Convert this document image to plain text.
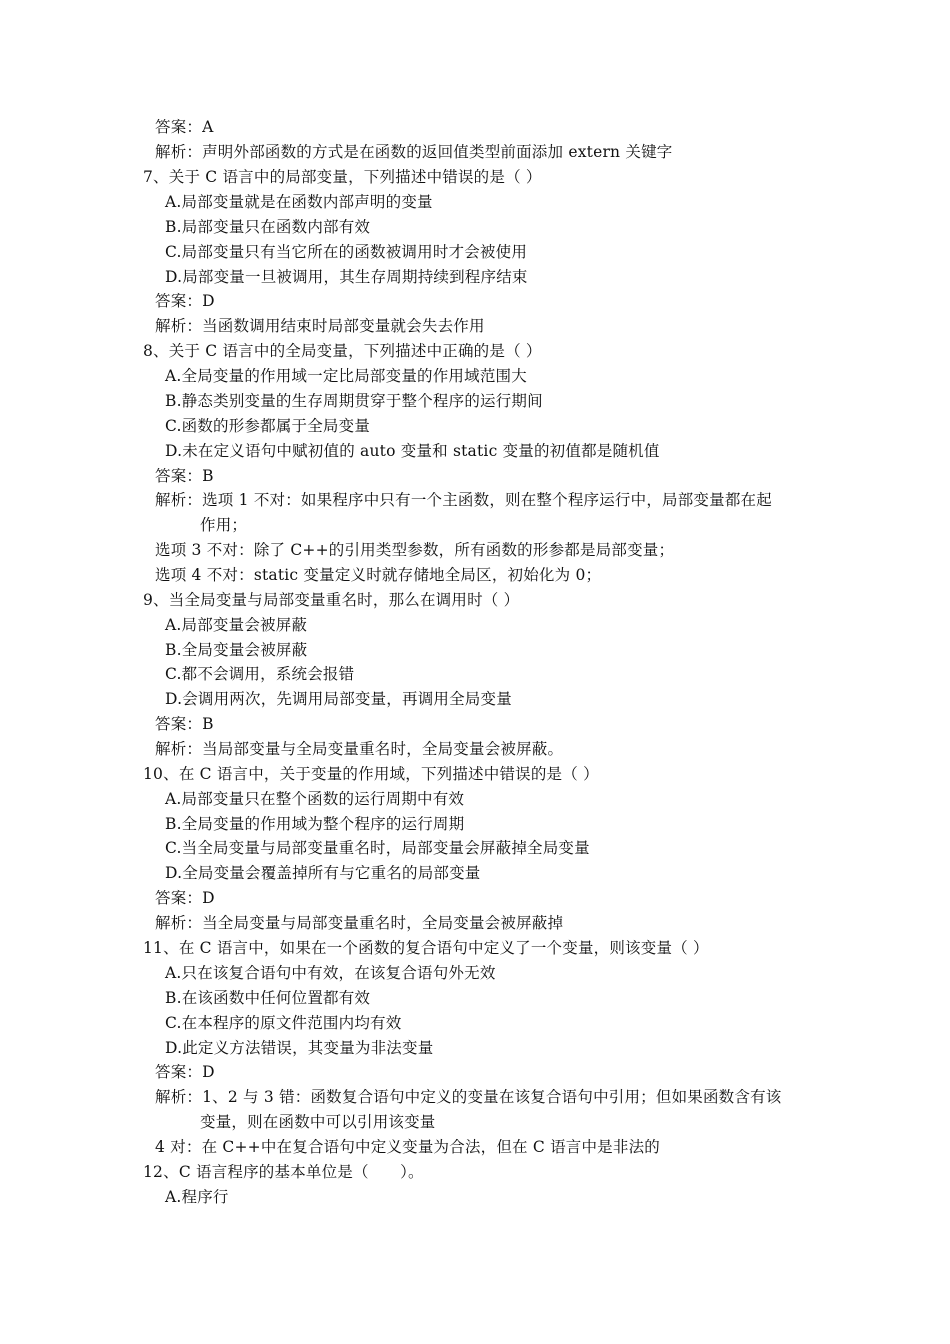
答案：A

解析：声明外部函数的方式是在函数的返回值类型前面添加 extern 关键字

7、关于 C 语言中的局部变量，下列描述中错误的是（ ）

A.局部变量就是在函数内部声明的变量

B.局部变量只在函数内部有效

C.局部变量只有当它所在的函数被调用时才会被使用

D.局部变量一旦被调用，其生存周期持续到程序结束

答案：D

解析：当函数调用结束时局部变量就会失去作用

8、关于 C 语言中的全局变量，下列描述中正确的是（ ）

A.全局变量的作用域一定比局部变量的作用域范围大

B.静态类别变量的生存周期贯穿于整个程序的运行期间

C.函数的形参都属于全局变量

D.未在定义语句中赋初值的 auto 变量和 static 变量的初值都是随机值

答案：B

解析：选项 1 不对：如果程序中只有一个主函数，则在整个程序运行中，局部变量都在起

作用；

选项 3 不对：除了 C++的引用类型参数，所有函数的形参都是局部变量；

选项 4 不对：static 变量定义时就存储地全局区，初始化为 0；

9、当全局变量与局部变量重名时，那么在调用时（ ）

A.局部变量会被屏蔽

B.全局变量会被屏蔽

C.都不会调用，系统会报错

D.会调用两次，先调用局部变量，再调用全局变量

答案：B

解析：当局部变量与全局变量重名时，全局变量会被屏蔽。

10、在 C 语言中，关于变量的作用域，下列描述中错误的是（ ）

A.局部变量只在整个函数的运行周期中有效

B.全局变量的作用域为整个程序的运行周期

C.当全局变量与局部变量重名时，局部变量会屏蔽掉全局变量

D.全局变量会覆盖掉所有与它重名的局部变量

答案：D

解析：当全局变量与局部变量重名时，全局变量会被屏蔽掉

11、在 C 语言中，如果在一个函数的复合语句中定义了一个变量，则该变量（ ）

A.只在该复合语句中有效，在该复合语句外无效

B.在该函数中任何位置都有效

C.在本程序的原文件范围内均有效

D.此定义方法错误，其变量为非法变量

答案：D

解析：1、2 与 3 错：函数复合语句中定义的变量在该复合语句中引用；但如果函数含有该

变量，则在函数中可以引用该变量

4 对：在 C++中在复合语句中定义变量为合法，但在 C 语言中是非法的

12、C 语言程序的基本单位是（　　）。

A.程序行
